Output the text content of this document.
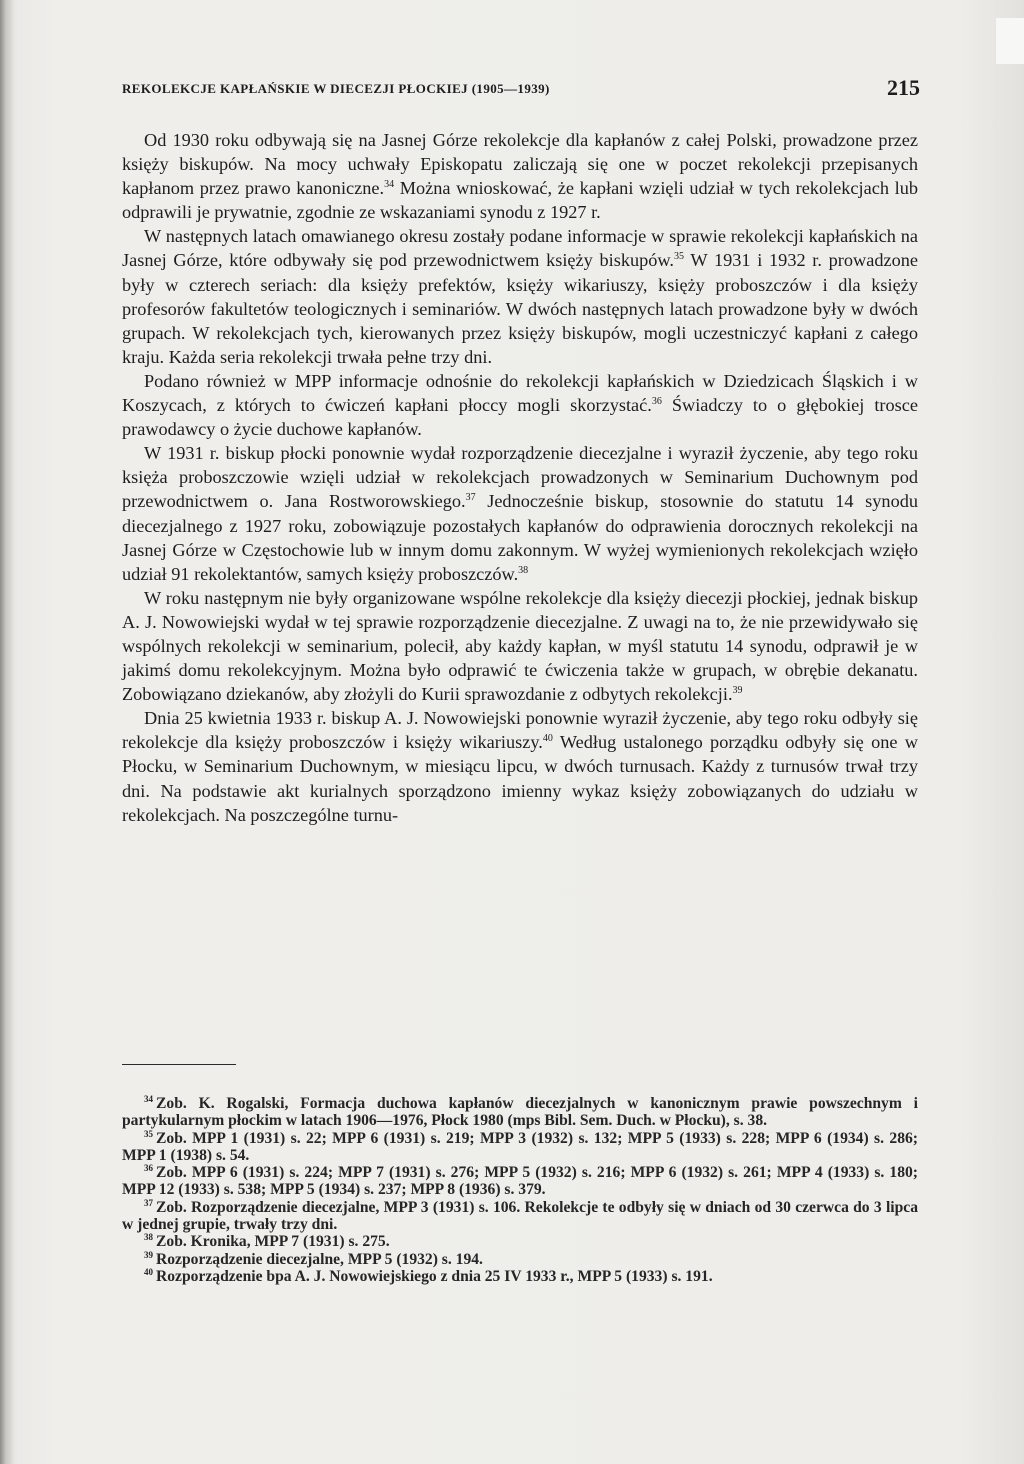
REKOLEKCJE KAPŁAŃSKIE W DIECEZJI PŁOCKIEJ (1905—1939)	215

Od 1930 roku odbywają się na Jasnej Górze rekolekcje dla kapłanów z całej Polski, prowadzone przez księży biskupów. Na mocy uchwały Episkopatu zaliczają się one w poczet rekolekcji przepisanych kapłanom przez prawo kanoniczne.$^{34}$ Można wnioskować, że kapłani wzięli udział w tych rekolekcjach lub odprawili je prywatnie, zgodnie ze wskazaniami synodu z 1927 r.

W następnych latach omawianego okresu zostały podane informacje w sprawie rekolekcji kapłańskich na Jasnej Górze, które odbywały się pod przewodnictwem księży biskupów.$^{35}$ W 1931 i 1932 r. prowadzone były w czterech seriach: dla księży prefektów, księży wikariuszy, księży proboszczów i dla księży profesorów fakultetów teologicznych i seminariów. W dwóch następnych latach prowadzone były w dwóch grupach. W rekolekcjach tych, kierowanych przez księży biskupów, mogli uczestniczyć kapłani z całego kraju. Każda seria rekolekcji trwała pełne trzy dni.

Podano również w MPP informacje odnośnie do rekolekcji kapłańskich w Dziedzicach Śląskich i w Koszycach, z których to ćwiczeń kapłani płoccy mogli skorzystać.$^{36}$ Świadczy to o głębokiej trosce prawodawcy o życie duchowe kapłanów.

W 1931 r. biskup płocki ponownie wydał rozporządzenie diecezjalne i wyraził życzenie, aby tego roku księża proboszczowie wzięli udział w rekolekcjach prowadzonych w Seminarium Duchownym pod przewodnictwem o. Jana Rostworowskiego.$^{37}$ Jednocześnie biskup, stosownie do statutu 14 synodu diecezjalnego z 1927 roku, zobowiązuje pozostałych kapłanów do odprawienia dorocznych rekolekcji na Jasnej Górze w Częstochowie lub w innym domu zakonnym. W wyżej wymienionych rekolekcjach wzięło udział 91 rekolektantów, samych księży proboszczów.$^{38}$

W roku następnym nie były organizowane wspólne rekolekcje dla księży diecezji płockiej, jednak biskup A. J. Nowowiejski wydał w tej sprawie rozporządzenie diecezjalne. Z uwagi na to, że nie przewidywało się wspólnych rekolekcji w seminarium, polecił, aby każdy kapłan, w myśl statutu 14 synodu, odprawił je w jakimś domu rekolekcyjnym. Można było odprawić te ćwiczenia także w grupach, w obrębie dekanatu. Zobowiązano dziekanów, aby złożyli do Kurii sprawozdanie z odbytych rekolekcji.$^{39}$

Dnia 25 kwietnia 1933 r. biskup A. J. Nowowiejski ponownie wyraził życzenie, aby tego roku odbyły się rekolekcje dla księży proboszczów i księży wikariuszy.$^{40}$ Według ustalonego porządku odbyły się one w Płocku, w Seminarium Duchownym, w miesiącu lipcu, w dwóch turnusach. Każdy z turnusów trwał trzy dni. Na podstawie akt kurialnych sporządzono imienny wykaz księży zobowiązanych do udziału w rekolekcjach. Na poszczególne turnu-

$^{34}$ Zob. K. Rogalski, Formacja duchowa kapłanów diecezjalnych w kanonicznym prawie powszechnym i partykularnym płockim w latach 1906—1976, Płock 1980 (mps Bibl. Sem. Duch. w Płocku), s. 38.

$^{35}$ Zob. MPP 1 (1931) s. 22; MPP 6 (1931) s. 219; MPP 3 (1932) s. 132; MPP 5 (1933) s. 228; MPP 6 (1934) s. 286; MPP 1 (1938) s. 54.

$^{36}$ Zob. MPP 6 (1931) s. 224; MPP 7 (1931) s. 276; MPP 5 (1932) s. 216; MPP 6 (1932) s. 261; MPP 4 (1933) s. 180; MPP 12 (1933) s. 538; MPP 5 (1934) s. 237; MPP 8 (1936) s. 379.

$^{37}$ Zob. Rozporządzenie diecezjalne, MPP 3 (1931) s. 106. Rekolekcje te odbyły się w dniach od 30 czerwca do 3 lipca w jednej grupie, trwały trzy dni.

$^{38}$ Zob. Kronika, MPP 7 (1931) s. 275.

$^{39}$ Rozporządzenie diecezjalne, MPP 5 (1932) s. 194.

$^{40}$ Rozporządzenie bpa A. J. Nowowiejskiego z dnia 25 IV 1933 r., MPP 5 (1933) s. 191.
